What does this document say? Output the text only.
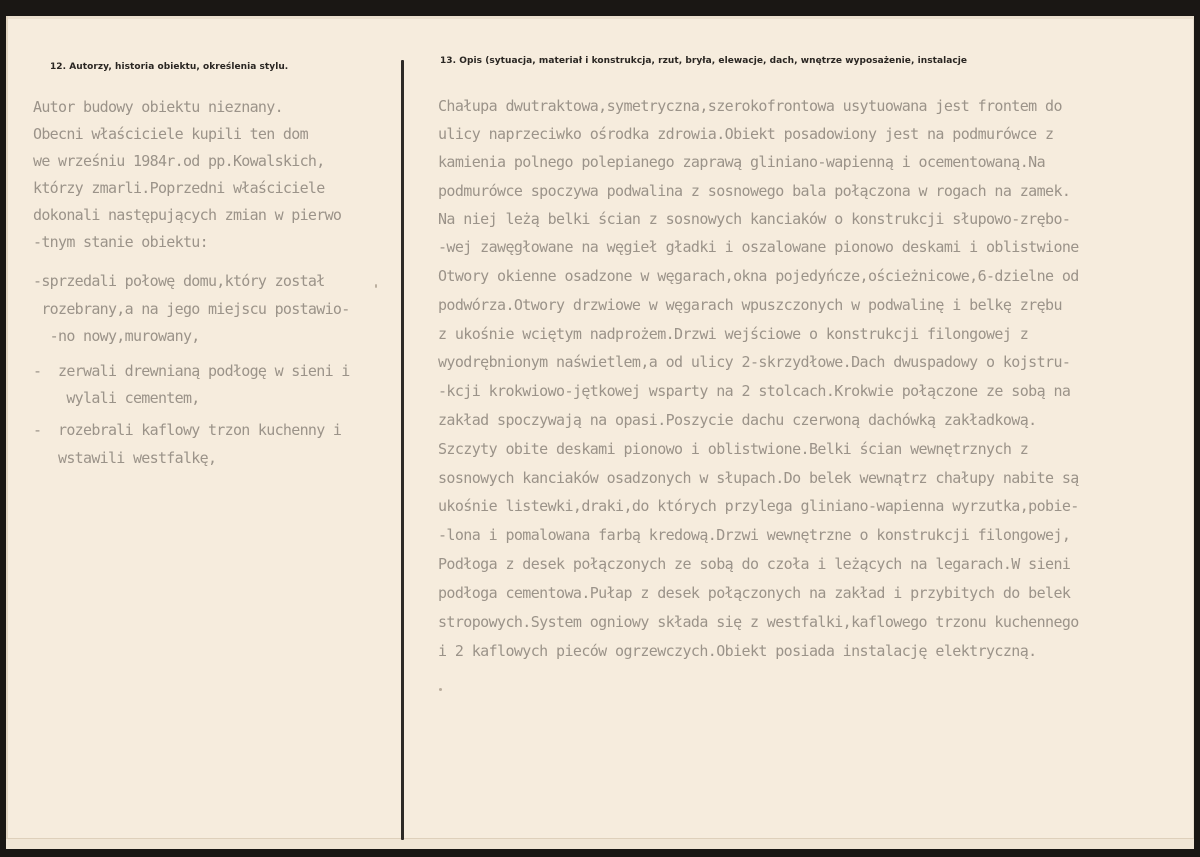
12. Autorzy, historia obiektu, określenia stylu.
13. Opis (sytuacja, materiał i konstrukcja, rzut, bryła, elewacje, dach, wnętrze wyposażenie, instalacje
Autor budowy obiektu nieznany.
Obecni właściciele kupili ten dom
we wrześniu 1984r.od pp.Kowalskich,
którzy zmarli.Poprzedni właściciele
dokonali następujących zmian w pierwo
-tnym stanie obiektu:
-sprzedali połowę domu,który został
rozebrany,a na jego miejscu postawio-
-no nowy,murowany,
-  zerwali drewnianą podłogę w sieni i
wylali cementem,
-  rozebrali kaflowy trzon kuchenny i
wstawili westfalkę,
Chałupa dwutraktowa,symetryczna,szerokofrontowa usytuowana jest frontem do
ulicy naprzeciwko ośrodka zdrowia.Obiekt posadowiony jest na podmurówce z
kamienia polnego polepianego zaprawą gliniano-wapienną i ocementowaną.Na
podmurówce spoczywa podwalina z sosnowego bala połączona w rogach na zamek.
Na niej leżą belki ścian z sosnowych kanciaków o konstrukcji słupowo-zrębo-
-wej zawęgłowane na węgieł gładki i oszalowane pionowo deskami i oblistwione
Otwory okienne osadzone w węgarach,okna pojedyńcze,ościeżnicowe,6-dzielne od
podwórza.Otwory drzwiowe w węgarach wpuszczonych w podwalinę i belkę zrębu
z ukośnie wciętym nadprożem.Drzwi wejściowe o konstrukcji filongowej z
wyodrębnionym naświetlem,a od ulicy 2-skrzydłowe.Dach dwuspadowy o kojstru-
-kcji krokwiowo-jętkowej wsparty na 2 stolcach.Krokwie połączone ze sobą na
zakład spoczywają na opasi.Poszycie dachu czerwoną dachówką zakładkową.
Szczyty obite deskami pionowo i oblistwione.Belki ścian wewnętrznych z
sosnowych kanciaków osadzonych w słupach.Do belek wewnątrz chałupy nabite są
ukośnie listewki,draki,do których przylega gliniano-wapienna wyrzutka,pobie-
-lona i pomalowana farbą kredową.Drzwi wewnętrzne o konstrukcji filongowej,
Podłoga z desek połączonych ze sobą do czoła i leżących na legarach.W sieni
podłoga cementowa.Pułap z desek połączonych na zakład i przybitych do belek
stropowych.System ogniowy składa się z westfalki,kaflowego trzonu kuchennego
i 2 kaflowych pieców ogrzewczych.Obiekt posiada instalację elektryczną.
